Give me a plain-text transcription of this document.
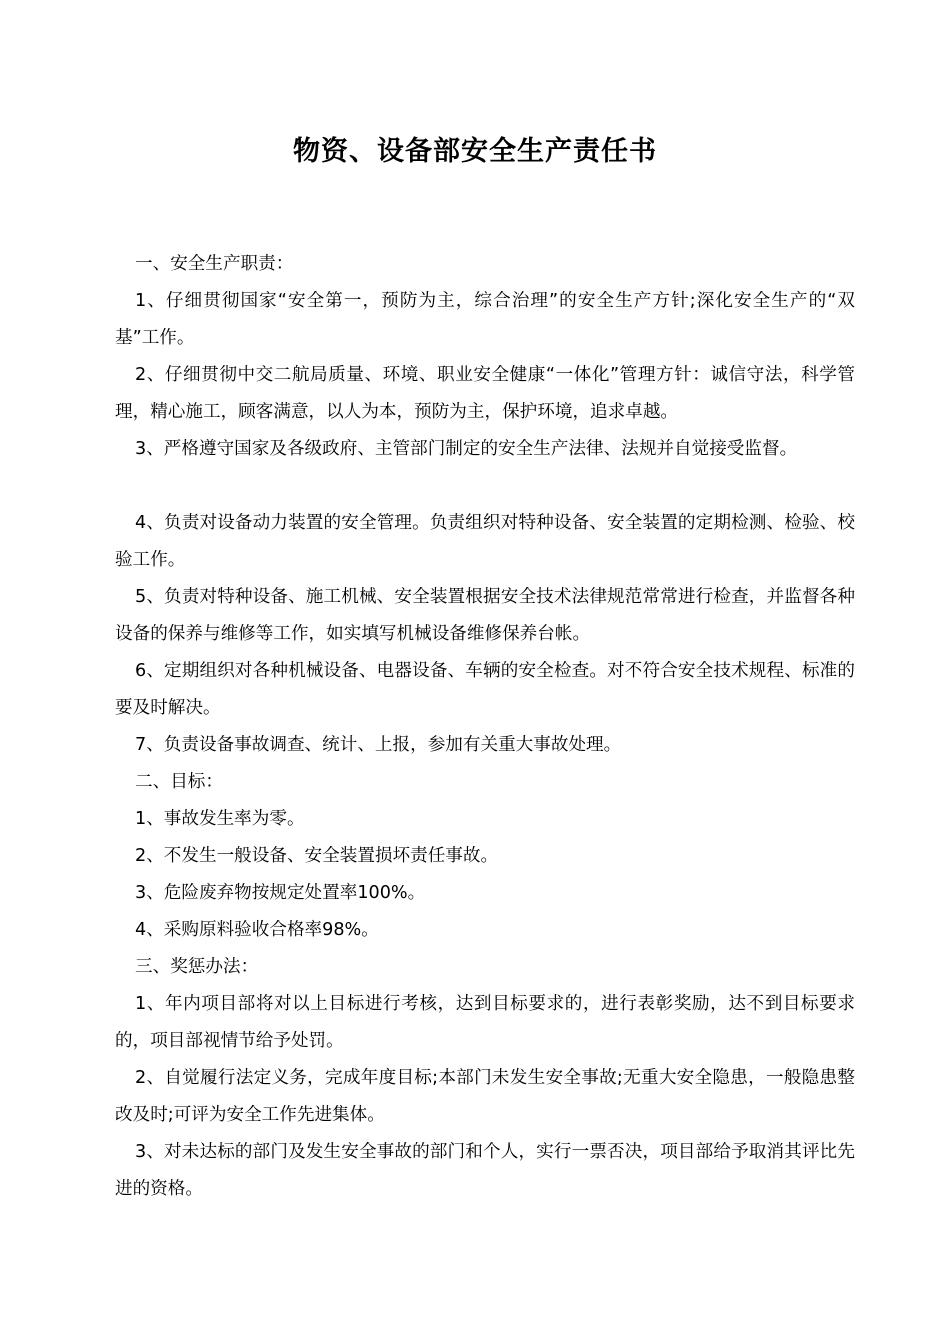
物资、设备部安全生产责任书

一、安全生产职责：

1、仔细贯彻国家“安全第一，预防为主，综合治理”的安全生产方针;深化安全生产的“双基”工作。

2、仔细贯彻中交二航局质量、环境、职业安全健康“一体化”管理方针：诚信守法，科学管理，精心施工，顾客满意，以人为本，预防为主，保护环境，追求卓越。

3、严格遵守国家及各级政府、主管部门制定的安全生产法律、法规并自觉接受监督。

4、负责对设备动力装置的安全管理。负责组织对特种设备、安全装置的定期检测、检验、校验工作。

5、负责对特种设备、施工机械、安全装置根据安全技术法律规范常常进行检查，并监督各种设备的保养与维修等工作，如实填写机械设备维修保养台帐。

6、定期组织对各种机械设备、电器设备、车辆的安全检查。对不符合安全技术规程、标准的要及时解决。

7、负责设备事故调查、统计、上报，参加有关重大事故处理。

二、目标：

1、事故发生率为零。

2、不发生一般设备、安全装置损坏责任事故。

3、危险废弃物按规定处置率100%。

4、采购原料验收合格率98%。

三、奖惩办法：

1、年内项目部将对以上目标进行考核，达到目标要求的，进行表彰奖励，达不到目标要求的，项目部视情节给予处罚。

2、自觉履行法定义务，完成年度目标;本部门未发生安全事故;无重大安全隐患，一般隐患整改及时;可评为安全工作先进集体。

3、对未达标的部门及发生安全事故的部门和个人，实行一票否决，项目部给予取消其评比先进的资格。
